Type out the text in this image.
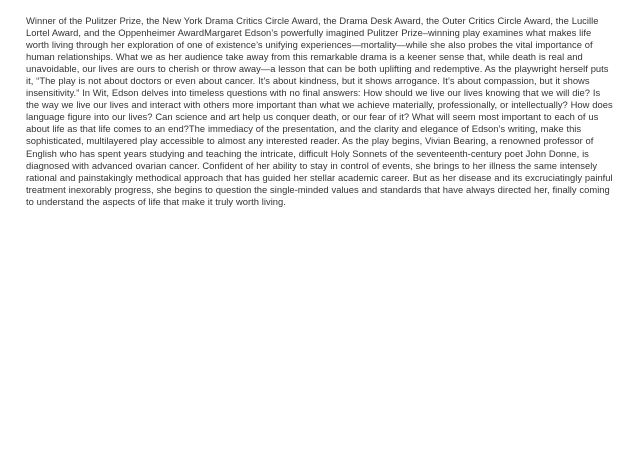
Winner of the Pulitzer Prize, the New York Drama Critics Circle Award, the Drama Desk Award, the Outer Critics Circle Award, the Lucille Lortel Award, and the Oppenheimer AwardMargaret Edson’s powerfully imagined Pulitzer Prize–winning play examines what makes life worth living through her exploration of one of existence’s unifying experiences—mortality—while she also probes the vital importance of human relationships. What we as her audience take away from this remarkable drama is a keener sense that, while death is real and unavoidable, our lives are ours to cherish or throw away—a lesson that can be both uplifting and redemptive. As the playwright herself puts it, “The play is not about doctors or even about cancer. It’s about kindness, but it shows arrogance. It’s about compassion, but it shows insensitivity.” In Wit, Edson delves into timeless questions with no final answers: How should we live our lives knowing that we will die? Is the way we live our lives and interact with others more important than what we achieve materially, professionally, or intellectually? How does language figure into our lives? Can science and art help us conquer death, or our fear of it? What will seem most important to each of us about life as that life comes to an end?The immediacy of the presentation, and the clarity and elegance of Edson’s writing, make this sophisticated, multilayered play accessible to almost any interested reader. As the play begins, Vivian Bearing, a renowned professor of English who has spent years studying and teaching the intricate, difficult Holy Sonnets of the seventeenth-century poet John Donne, is diagnosed with advanced ovarian cancer. Confident of her ability to stay in control of events, she brings to her illness the same intensely rational and painstakingly methodical approach that has guided her stellar academic career. But as her disease and its excruciatingly painful treatment inexorably progress, she begins to question the single-minded values and standards that have always directed her, finally coming to understand the aspects of life that make it truly worth living.
